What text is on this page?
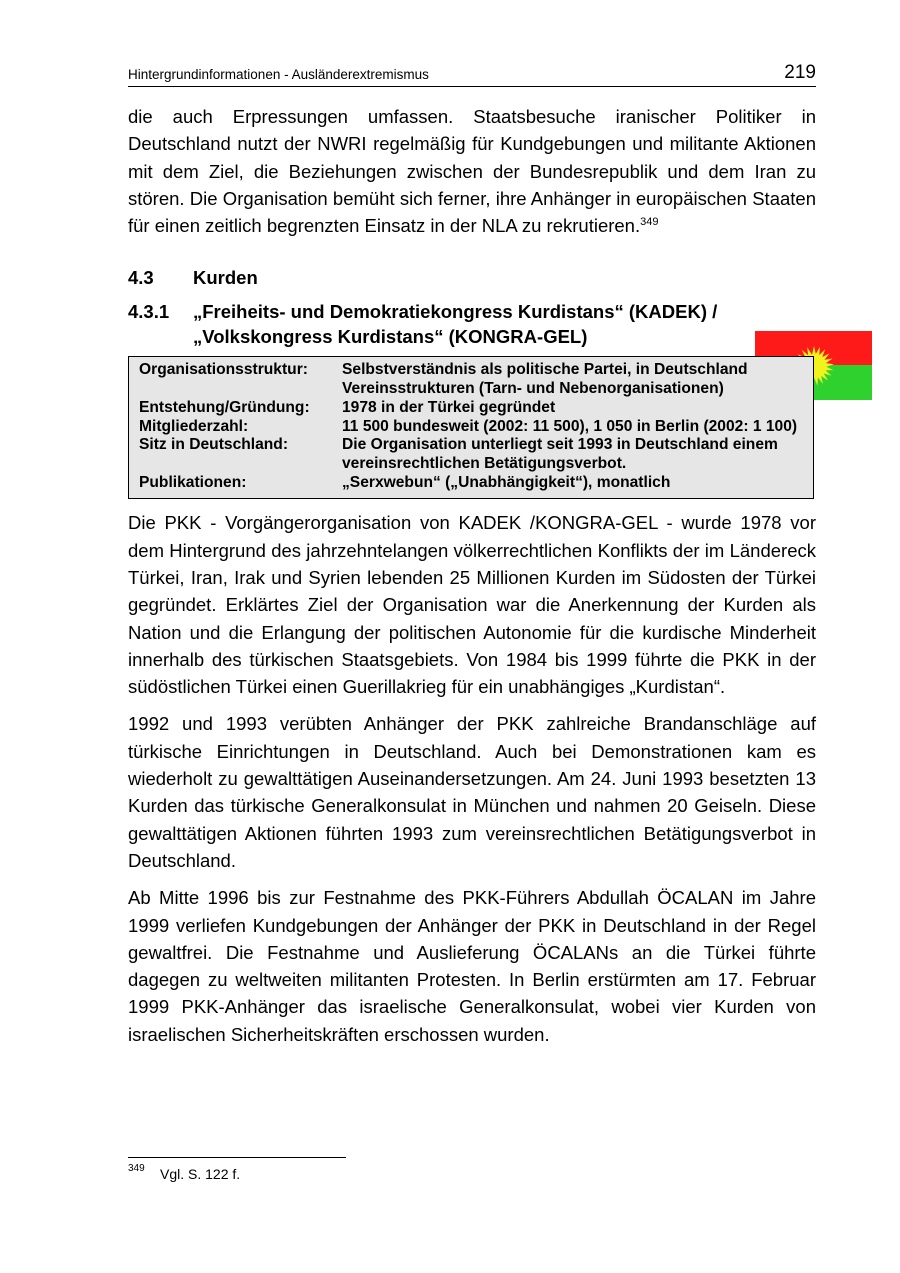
Hintergrundinformationen - Ausländerextremismus	219

die auch Erpressungen umfassen. Staatsbesuche iranischer Politiker in Deutschland nutzt der NWRI regelmäßig für Kundgebungen und militante Aktionen mit dem Ziel, die Beziehungen zwischen der Bundesrepublik und dem Iran zu stören. Die Organisation bemüht sich ferner, ihre Anhänger in europäischen Staaten für einen zeitlich begrenzten Einsatz in der NLA zu rekrutieren.$^{349}$

4.3	Kurden
4.3.1	„Freiheits- und Demokratiekongress Kurdistans“ (KADEK) / „Volkskongress Kurdistans“ (KONGRA-GEL)
Organisationsstruktur:	Selbstverständnis als politische Partei, in Deutschland Vereinsstrukturen (Tarn- und Nebenorganisationen)
Entstehung/Gründung:	1978 in der Türkei gegründet
Mitgliederzahl:	11 500 bundesweit (2002: 11 500), 1 050 in Berlin (2002: 1 100)
Sitz in Deutschland:	Die Organisation unterliegt seit 1993 in Deutschland einem vereinsrechtlichen Betätigungsverbot.
Publikationen:	„Serxwebun“ („Unabhängigkeit“), monatlich

Die PKK - Vorgängerorganisation von KADEK /KONGRA-GEL - wurde 1978 vor dem Hintergrund des jahrzehntelangen völkerrechtlichen Konflikts der im Ländereck Türkei, Iran, Irak und Syrien lebenden 25 Millionen Kurden im Südosten der Türkei gegründet. Erklärtes Ziel der Organisation war die Anerkennung der Kurden als Nation und die Erlangung der politischen Autonomie für die kurdische Minderheit innerhalb des türkischen Staatsgebiets. Von 1984 bis 1999 führte die PKK in der südöstlichen Türkei einen Guerillakrieg für ein unabhängiges „Kurdistan“.

1992 und 1993 verübten Anhänger der PKK zahlreiche Brandanschläge auf türkische Einrichtungen in Deutschland. Auch bei Demonstrationen kam es wiederholt zu gewalttätigen Auseinandersetzungen. Am 24. Juni 1993 besetzten 13 Kurden das türkische Generalkonsulat in München und nahmen 20 Geiseln. Diese gewalttätigen Aktionen führten 1993 zum vereinsrechtlichen Betätigungsverbot in Deutschland.

Ab Mitte 1996 bis zur Festnahme des PKK-Führers Abdullah ÖCALAN im Jahre 1999 verliefen Kundgebungen der Anhänger der PKK in Deutschland in der Regel gewaltfrei. Die Festnahme und Auslieferung ÖCALANs an die Türkei führte dagegen zu weltweiten militanten Protesten. In Berlin erstürmten am 17. Februar 1999 PKK-Anhänger das israelische Generalkonsulat, wobei vier Kurden von israelischen Sicherheitskräften erschossen wurden.

349	Vgl. S. 122 f.
